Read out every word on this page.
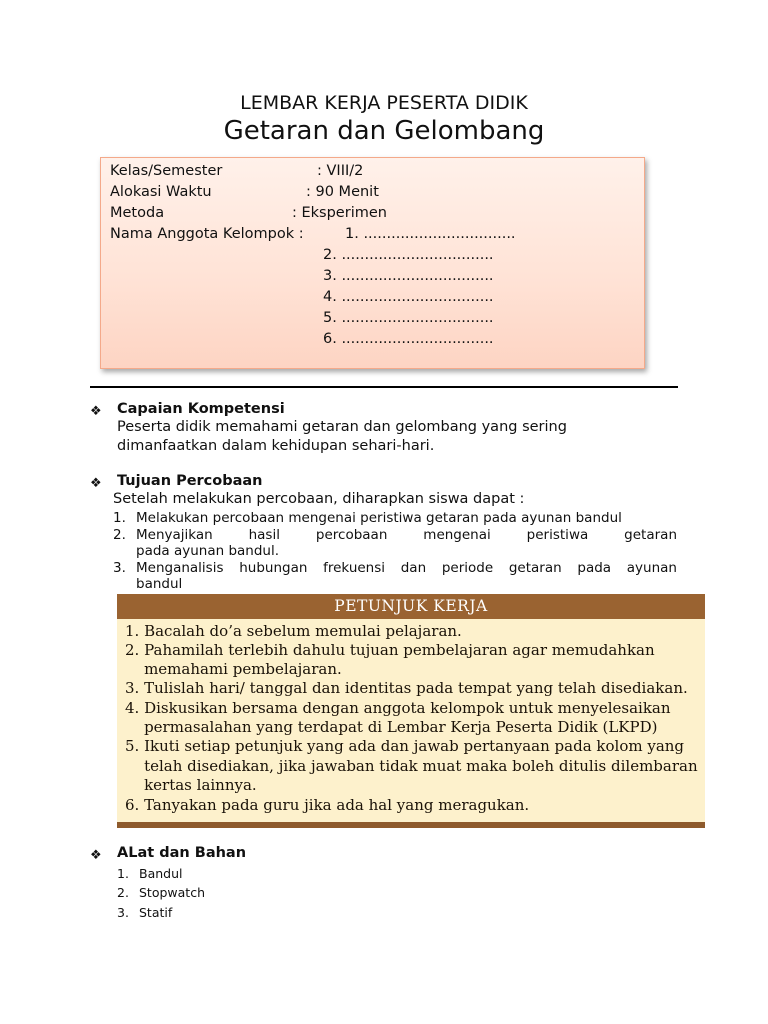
LEMBAR KERJA PESERTA DIDIK
Getaran dan Gelombang
Kelas/Semester	: VIII/2
Alokasi Waktu	: 90 Menit
Metoda	: Eksperimen
Nama Anggota Kelompok :	1. .................................
2. .................................
3. .................................
4. .................................
5. .................................
6. .................................
❖ Capaian Kompetensi
Peserta didik memahami getaran dan gelombang yang sering
dimanfaatkan dalam kehidupan sehari-hari.
❖ Tujuan Percobaan
Setelah melakukan percobaan, diharapkan siswa dapat :
1. Melakukan percobaan mengenai peristiwa getaran pada ayunan bandul
2. Menyajikan hasil percobaan mengenai peristiwa getaran
pada ayunan bandul.
3. Menganalisis hubungan frekuensi dan periode getaran pada ayunan
bandul
PETUNJUK KERJA
1. Bacalah do’a sebelum memulai pelajaran.
2. Pahamilah terlebih dahulu tujuan pembelajaran agar memudahkan
memahami pembelajaran.
3. Tulislah hari/ tanggal dan identitas pada tempat yang telah disediakan.
4. Diskusikan bersama dengan anggota kelompok untuk menyelesaikan
permasalahan yang terdapat di Lembar Kerja Peserta Didik (LKPD)
5. Ikuti setiap petunjuk yang ada dan jawab pertanyaan pada kolom yang
telah disediakan, jika jawaban tidak muat maka boleh ditulis dilembaran
kertas lainnya.
6. Tanyakan pada guru jika ada hal yang meragukan.
❖ ALat dan Bahan
1. Bandul
2. Stopwatch
3. Statif
